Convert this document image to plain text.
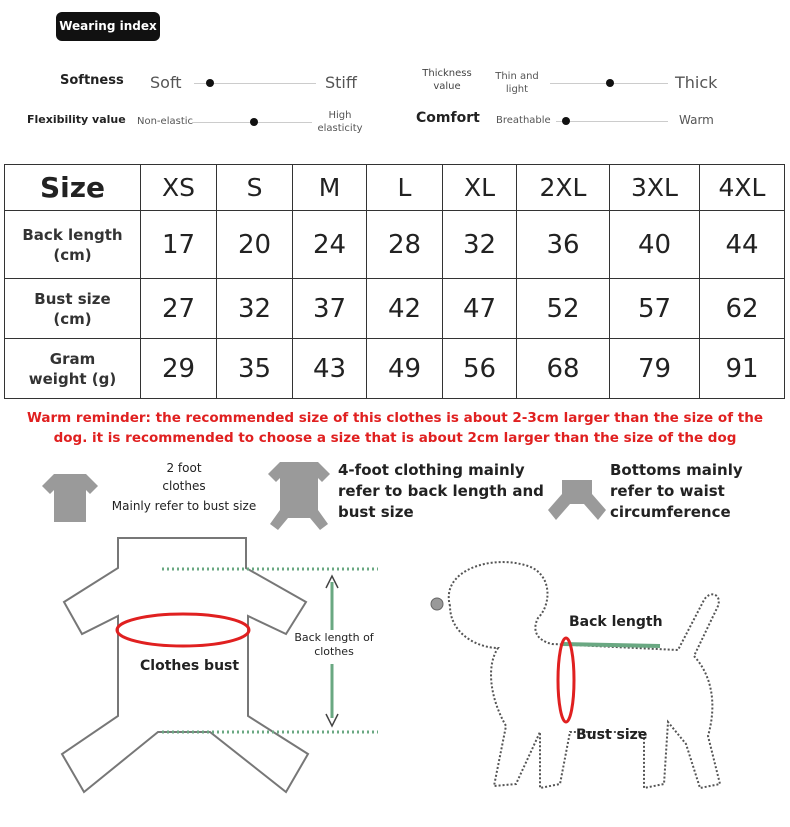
Wearing index
Softness Soft	Stiff	Thickness
value
Thin and
light	Thick
Flexibility value Non-elastic
High
elasticity
Comfort Breathable	Warm
Size	XS	S	M	L	XL	2XL	3XL	4XL

Back length
(cm)	17	20	24	28	32	36	40	44

Bust size
(cm)	27	32	37	42	47	52	57	62

Gram
weight (g)	29	35	43	49	56	68	79	91
Warm reminder: the recommended size of this clothes is about 2-3cm larger than the size of the
dog. it is recommended to choose a size that is about 2cm larger than the size of the dog
2 foot
clothes
Mainly refer to bust size
4-foot clothing mainly
refer to back length and
bust size
Bottoms mainly
refer to waist
circumference
Clothes bust
Back length of
clothes
Back length
Bust size
